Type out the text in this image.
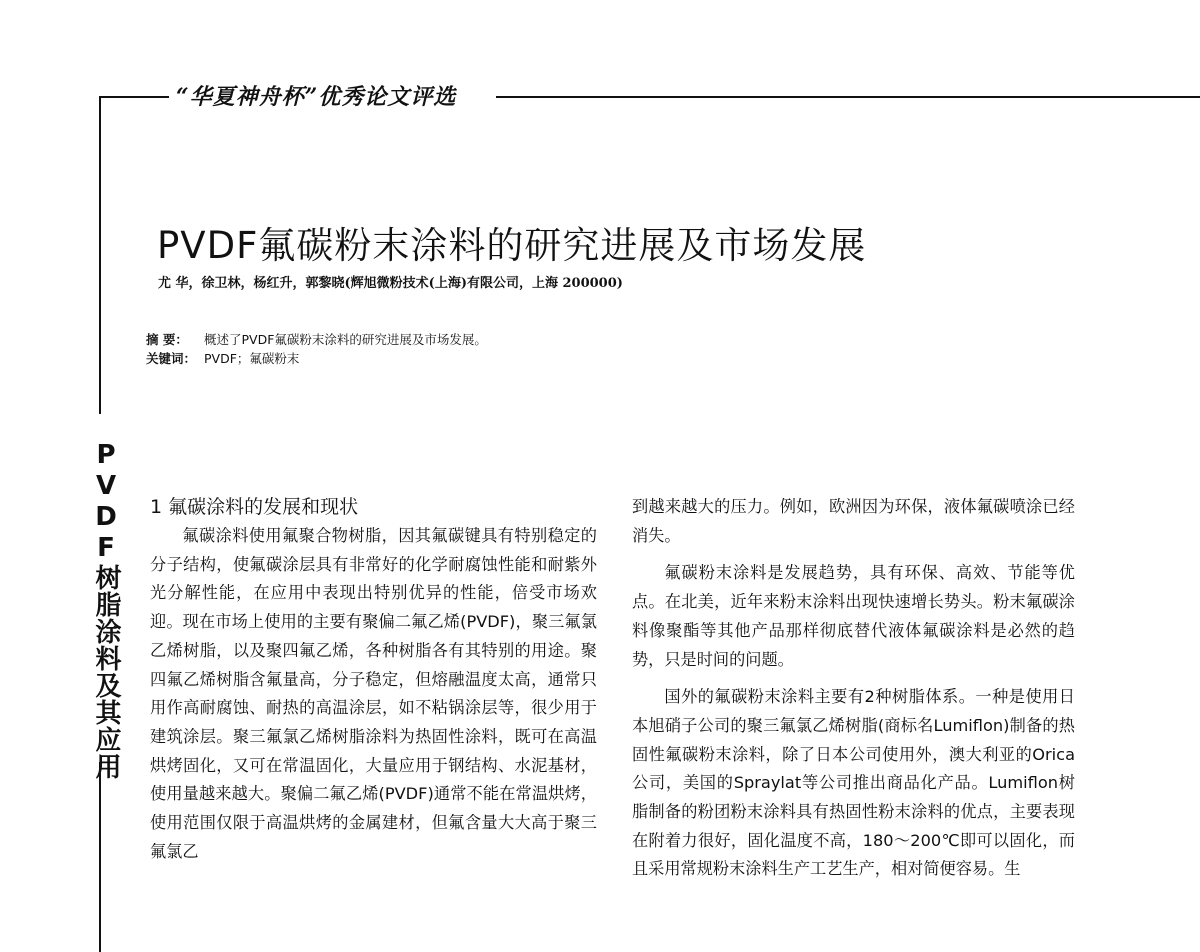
“华夏神舟杯”优秀论文评选
PVDF氟碳粉末涂料的研究进展及市场发展
尤 华，徐卫林，杨红升，郭黎晓(辉旭微粉技术(上海)有限公司，上海 200000)
摘 要： 概述了PVDF氟碳粉末涂料的研究进展及市场发展。
关键词： PVDF；氟碳粉末
PVDF树脂涂料及其应用 1 氟碳涂料的发展和现状

氟碳涂料使用氟聚合物树脂，因其氟碳键具有特别稳定的分子结构，使氟碳涂层具有非常好的化学耐腐蚀性能和耐紫外光分解性能，在应用中表现出特别优异的性能，倍受市场欢迎。现在市场上使用的主要有聚偏二氟乙烯(PVDF)，聚三氟氯乙烯树脂，以及聚四氟乙烯，各种树脂各有其特别的用途。聚四氟乙烯树脂含氟量高，分子稳定，但熔融温度太高，通常只用作高耐腐蚀、耐热的高温涂层，如不粘锅涂层等，很少用于建筑涂层。聚三氟氯乙烯树脂涂料为热固性涂料，既可在高温烘烤固化，又可在常温固化，大量应用于钢结构、水泥基材，使用量越来越大。聚偏二氟乙烯(PVDF)通常不能在常温烘烤，使用范围仅限于高温烘烤的金属建材，但氟含量大大高于聚三氟氯乙

到越来越大的压力。例如，欧洲因为环保，液体氟碳喷涂已经消失。

氟碳粉末涂料是发展趋势，具有环保、高效、节能等优点。在北美，近年来粉末涂料出现快速增长势头。粉末氟碳涂料像聚酯等其他产品那样彻底替代液体氟碳涂料是必然的趋势，只是时间的问题。

国外的氟碳粉末涂料主要有2种树脂体系。一种是使用日本旭硝子公司的聚三氟氯乙烯树脂(商标名Lumiflon)制备的热固性氟碳粉末涂料，除了日本公司使用外，澳大利亚的Orica公司，美国的Spraylat等公司推出商品化产品。Lumiflon树脂制备的粉团粉末涂料具有热固性粉末涂料的优点，主要表现在附着力很好，固化温度不高，180～200℃即可以固化，而且采用常规粉末涂料生产工艺生产，相对简便容易。生
